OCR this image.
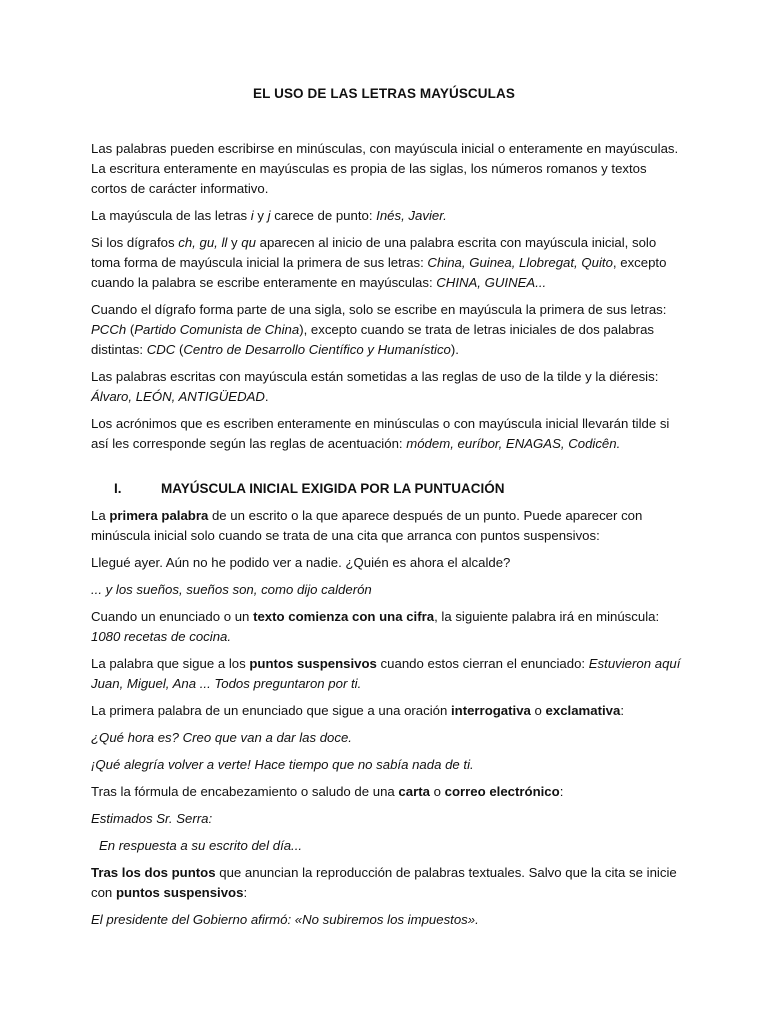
EL USO DE LAS LETRAS MAYÚSCULAS

Las palabras pueden escribirse en minúsculas, con mayúscula inicial o enteramente en mayúsculas. La escritura enteramente en mayúsculas es propia de las siglas, los números romanos y textos cortos de carácter informativo.

La mayúscula de las letras i y j carece de punto: Inés, Javier.

Si los dígrafos ch, gu, ll y qu aparecen al inicio de una palabra escrita con mayúscula inicial, solo toma forma de mayúscula inicial la primera de sus letras: China, Guinea, Llobregat, Quito, excepto cuando la palabra se escribe enteramente en mayúsculas: CHINA, GUINEA...

Cuando el dígrafo forma parte de una sigla, solo se escribe en mayúscula la primera de sus letras: PCCh (Partido Comunista de China), excepto cuando se trata de letras iniciales de dos palabras distintas: CDC (Centro de Desarrollo Científico y Humanístico).

Las palabras escritas con mayúscula están sometidas a las reglas de uso de la tilde y la diéresis: Álvaro, LEÓN, ANTIGÜEDAD.

Los acrónimos que es escriben enteramente en minúsculas o con mayúscula inicial llevarán tilde si así les corresponde según las reglas de acentuación: módem, euríbor, ENAGAS, Codicên.

I.	MAYÚSCULA INICIAL EXIGIDA POR LA PUNTUACIÓN

La primera palabra de un escrito o la que aparece después de un punto. Puede aparecer con minúscula inicial solo cuando se trata de una cita que arranca con puntos suspensivos:

Llegué ayer. Aún no he podido ver a nadie. ¿Quién es ahora el alcalde?

... y los sueños, sueños son, como dijo calderón

Cuando un enunciado o un texto comienza con una cifra, la siguiente palabra irá en minúscula: 1080 recetas de cocina.

La palabra que sigue a los puntos suspensivos cuando estos cierran el enunciado: Estuvieron aquí Juan, Miguel, Ana ... Todos preguntaron por ti.

La primera palabra de un enunciado que sigue a una oración interrogativa o exclamativa:

¿Qué hora es? Creo que van a dar las doce.

¡Qué alegría volver a verte! Hace tiempo que no sabía nada de ti.

Tras la fórmula de encabezamiento o saludo de una carta o correo electrónico:

Estimados Sr. Serra:

En respuesta a su escrito del día...

Tras los dos puntos que anuncian la reproducción de palabras textuales. Salvo que la cita se inicie con puntos suspensivos:

El presidente del Gobierno afirmó: «No subiremos los impuestos».
